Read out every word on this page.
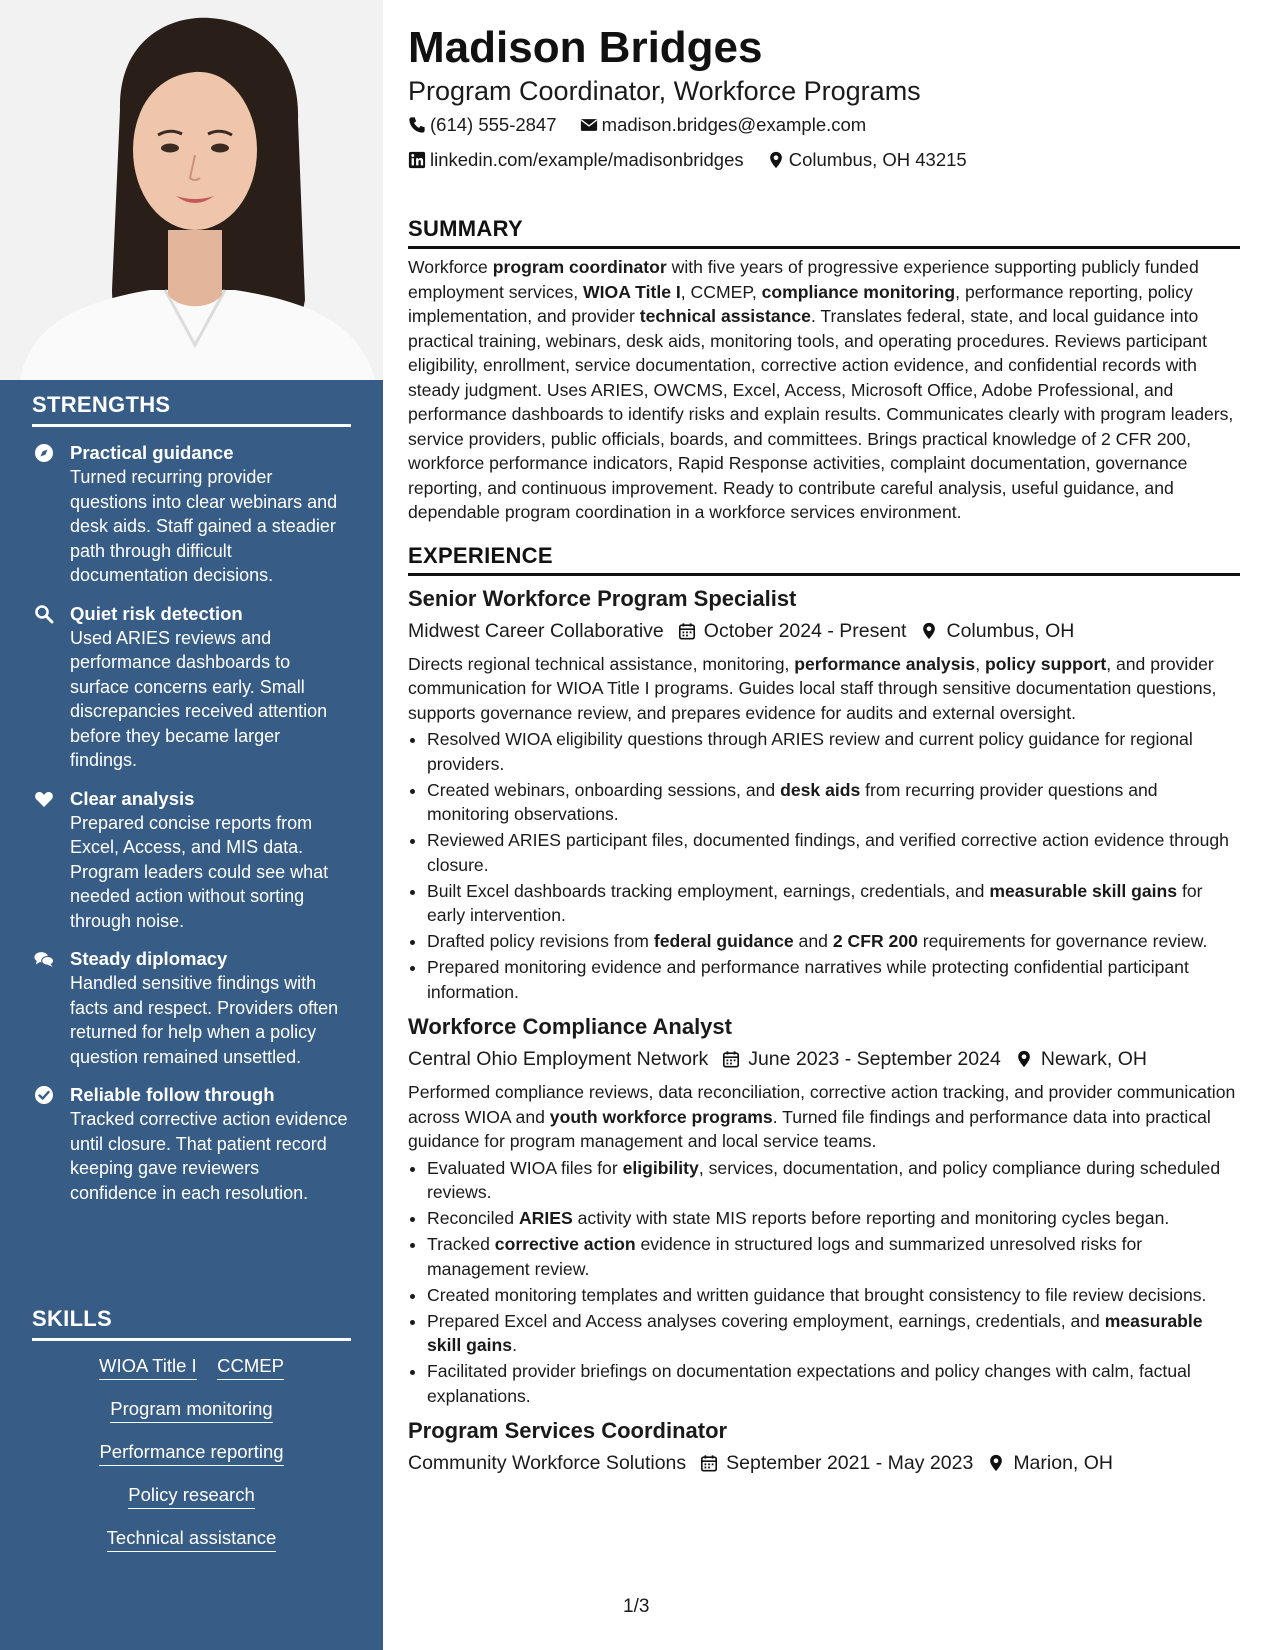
STRENGTHS
Practical guidance
Turned recurring provider questions into clear webinars and desk aids. Staff gained a steadier path through difficult documentation decisions.
Quiet risk detection
Used ARIES reviews and performance dashboards to surface concerns early. Small discrepancies received attention before they became larger findings.
Clear analysis
Prepared concise reports from Excel, Access, and MIS data. Program leaders could see what needed action without sorting through noise.
Steady diplomacy
Handled sensitive findings with facts and respect. Providers often returned for help when a policy question remained unsettled.
Reliable follow through
Tracked corrective action evidence until closure. That patient record keeping gave reviewers confidence in each resolution.
SKILLS
WIOA Title I CCMEP
Program monitoring
Performance reporting
Policy research
Technical assistance
Madison Bridges
Program Coordinator, Workforce Programs
(614) 555-2847
madison.bridges@example.com
linkedin.com/example/madisonbridges
Columbus, OH 43215
SUMMARY

Workforce program coordinator with five years of progressive experience supporting publicly funded employment services, WIOA Title I, CCMEP, compliance monitoring, performance reporting, policy implementation, and provider technical assistance. Translates federal, state, and local guidance into practical training, webinars, desk aids, monitoring tools, and operating procedures. Reviews participant eligibility, enrollment, service documentation, corrective action evidence, and confidential records with steady judgment. Uses ARIES, OWCMS, Excel, Access, Microsoft Office, Adobe Professional, and performance dashboards to identify risks and explain results. Communicates clearly with program leaders, service providers, public officials, boards, and committees. Brings practical knowledge of 2 CFR 200, workforce performance indicators, Rapid Response activities, complaint documentation, governance reporting, and continuous improvement. Ready to contribute careful analysis, useful guidance, and dependable program coordination in a workforce services environment.

EXPERIENCE
Senior Workforce Program Specialist
Midwest Career Collaborative October 2024 - Present Columbus, OH

Directs regional technical assistance, monitoring, performance analysis, policy support, and provider communication for WIOA Title I programs. Guides local staff through sensitive documentation questions, supports governance review, and prepares evidence for audits and external oversight.

• Resolved WIOA eligibility questions through ARIES review and current policy guidance for regional providers.
• Created webinars, onboarding sessions, and desk aids from recurring provider questions and monitoring observations.
• Reviewed ARIES participant files, documented findings, and verified corrective action evidence through closure.
• Built Excel dashboards tracking employment, earnings, credentials, and measurable skill gains for early intervention.
• Drafted policy revisions from federal guidance and 2 CFR 200 requirements for governance review.
• Prepared monitoring evidence and performance narratives while protecting confidential participant information.
Workforce Compliance Analyst
Central Ohio Employment Network June 2023 - September 2024 Newark, OH

Performed compliance reviews, data reconciliation, corrective action tracking, and provider communication across WIOA and youth workforce programs. Turned file findings and performance data into practical guidance for program management and local service teams.

• Evaluated WIOA files for eligibility, services, documentation, and policy compliance during scheduled reviews.
• Reconciled ARIES activity with state MIS reports before reporting and monitoring cycles began.
• Tracked corrective action evidence in structured logs and summarized unresolved risks for management review.
• Created monitoring templates and written guidance that brought consistency to file review decisions.
• Prepared Excel and Access analyses covering employment, earnings, credentials, and measurable skill gains.
• Facilitated provider briefings on documentation expectations and policy changes with calm, factual explanations.
Program Services Coordinator
Community Workforce Solutions September 2021 - May 2023 Marion, OH
1/3
